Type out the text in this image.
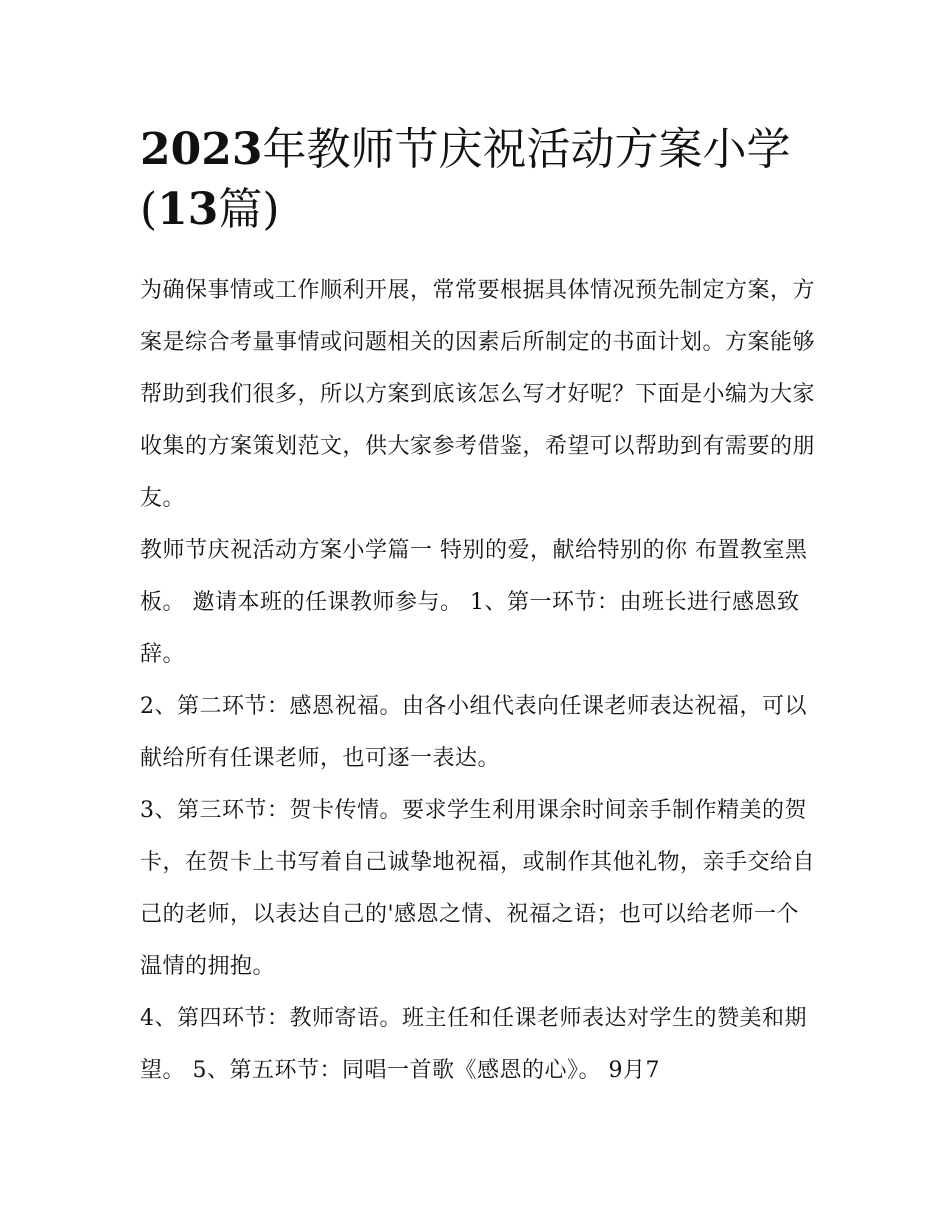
2023年教师节庆祝活动方案小学(13篇)

为确保事情或工作顺利开展，常常要根据具体情况预先制定方案，方案是综合考量事情或问题相关的因素后所制定的书面计划。方案能够帮助到我们很多，所以方案到底该怎么写才好呢？下面是小编为大家收集的方案策划范文，供大家参考借鉴，希望可以帮助到有需要的朋友。

教师节庆祝活动方案小学篇一 特别的爱，献给特别的你 布置教室黑板。 邀请本班的任课教师参与。 1、第一环节：由班长进行感恩致辞。

2、第二环节：感恩祝福。由各小组代表向任课老师表达祝福，可以献给所有任课老师，也可逐一表达。

3、第三环节：贺卡传情。要求学生利用课余时间亲手制作精美的贺卡，在贺卡上书写着自己诚挚地祝福，或制作其他礼物，亲手交给自己的老师，以表达自己的'感恩之情、祝福之语；也可以给老师一个温情的拥抱。

4、第四环节：教师寄语。班主任和任课老师表达对学生的赞美和期望。 5、第五环节：同唱一首歌《感恩的心》。 9月7
